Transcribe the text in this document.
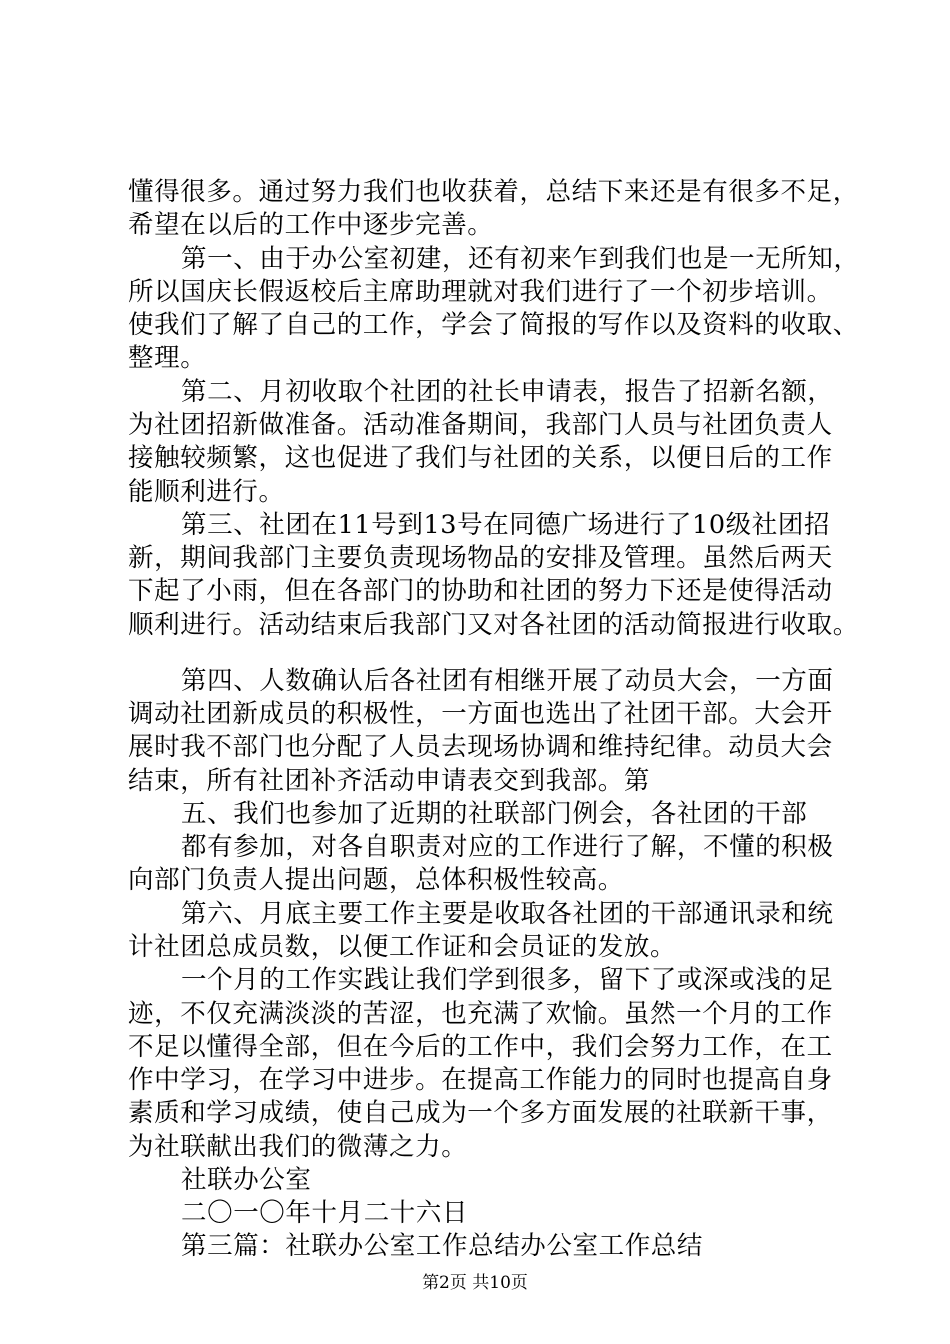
懂得很多。通过努力我们也收获着，总结下来还是有很多不足，
希望在以后的工作中逐步完善。
第一、由于办公室初建，还有初来乍到我们也是一无所知，
所以国庆长假返校后主席助理就对我们进行了一个初步培训。
使我们了解了自己的工作，学会了简报的写作以及资料的收取、
整理。
第二、月初收取个社团的社长申请表，报告了招新名额，
为社团招新做准备。活动准备期间，我部门人员与社团负责人
接触较频繁，这也促进了我们与社团的关系，以便日后的工作
能顺利进行。
第三、社团在11号到13号在同德广场进行了10级社团招
新，期间我部门主要负责现场物品的安排及管理。虽然后两天
下起了小雨，但在各部门的协助和社团的努力下还是使得活动
顺利进行。活动结束后我部门又对各社团的活动简报进行收取。
第四、人数确认后各社团有相继开展了动员大会，一方面
调动社团新成员的积极性，一方面也选出了社团干部。大会开
展时我不部门也分配了人员去现场协调和维持纪律。动员大会
结束，所有社团补齐活动申请表交到我部。第
五、我们也参加了近期的社联部门例会，各社团的干部
都有参加，对各自职责对应的工作进行了解，不懂的积极
向部门负责人提出问题，总体积极性较高。
第六、月底主要工作主要是收取各社团的干部通讯录和统
计社团总成员数，以便工作证和会员证的发放。
一个月的工作实践让我们学到很多，留下了或深或浅的足
迹，不仅充满淡淡的苦涩，也充满了欢愉。虽然一个月的工作
不足以懂得全部，但在今后的工作中，我们会努力工作，在工
作中学习，在学习中进步。在提高工作能力的同时也提高自身
素质和学习成绩，使自己成为一个多方面发展的社联新干事，
为社联献出我们的微薄之力。
社联办公室
二〇一〇年十月二十六日
第三篇：社联办公室工作总结办公室工作总结
第2页 共10页
